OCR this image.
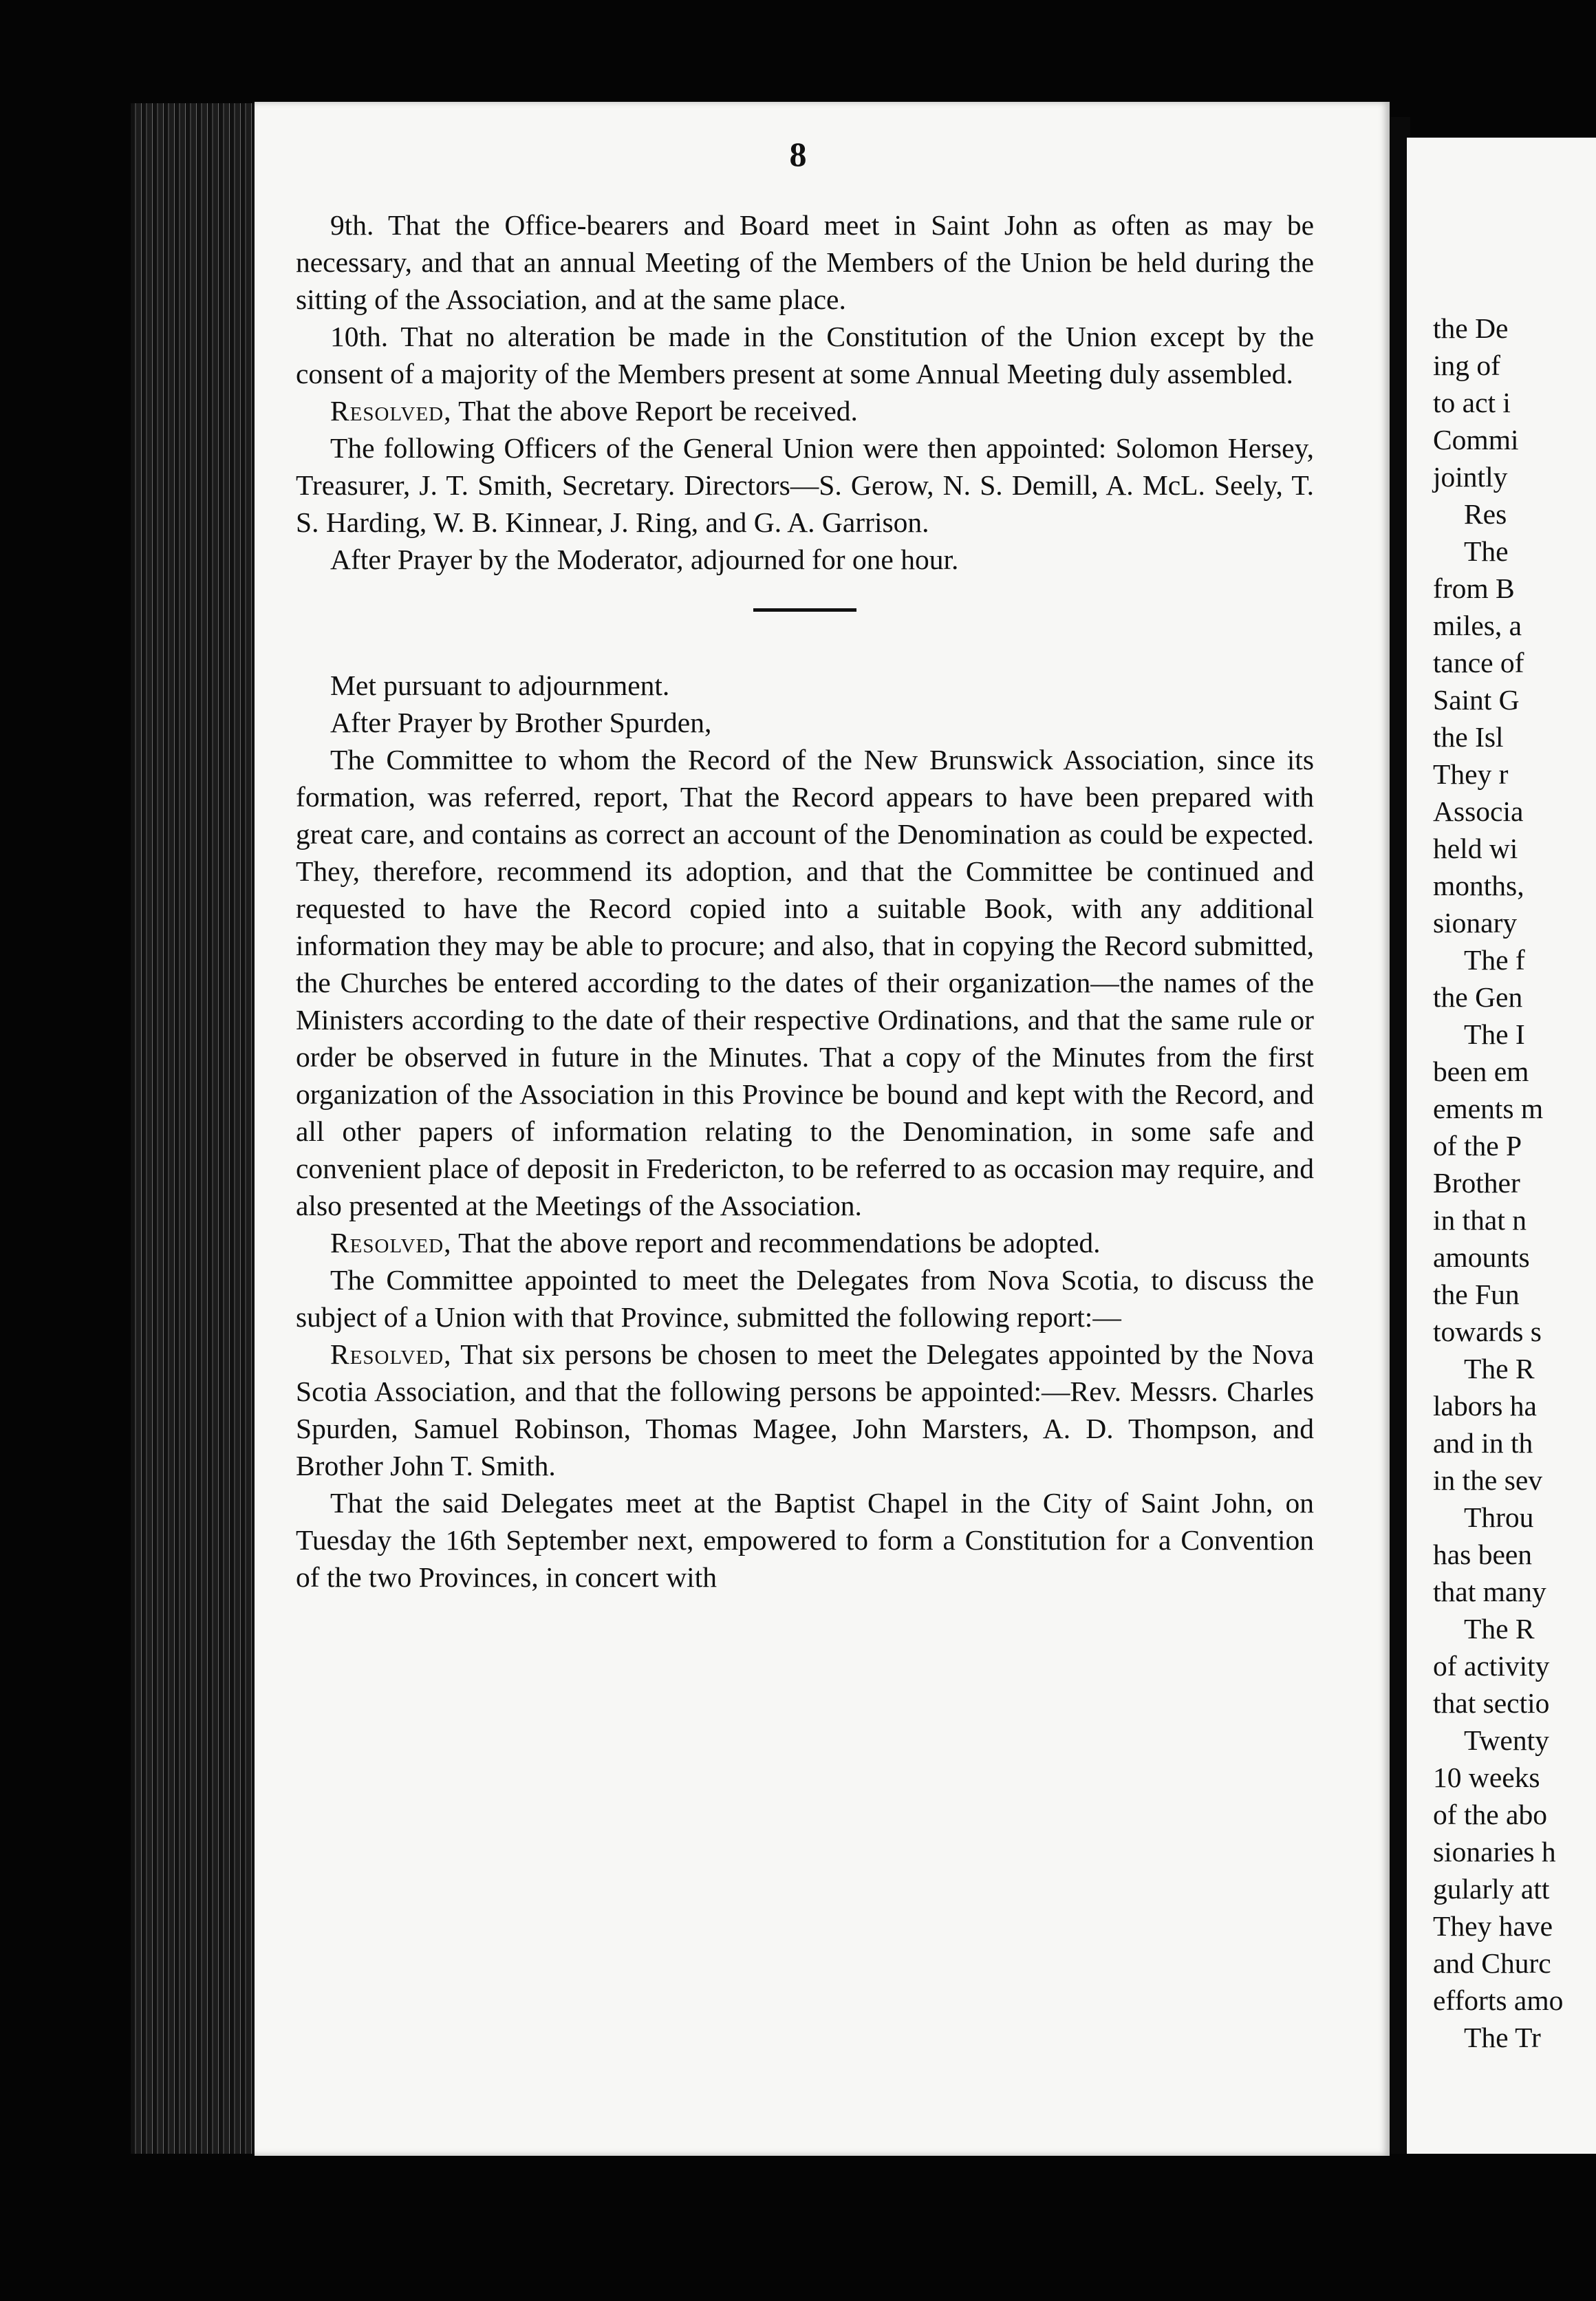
the De
ing of
to act i
Commi
jointly
Res
The
from B
miles, a
tance of
Saint G
the Isl
They r
Associa
held wi
months,
sionary
The f
the Gen
The I
been em
ements m
of the P
Brother
in that n
amounts
the Fun
towards s
The R
labors ha
and in th
in the sev
Throu
has been
that many
The R
of activity
that sectio
Twenty
10 weeks
of the abo
sionaries h
gularly att
They have
and Churc
efforts amo
The Tr
8

9th. That the Office-bearers and Board meet in Saint John as often as may be necessary, and that an annual Meeting of the Members of the Union be held during the sitting of the Association, and at the same place.

10th. That no alteration be made in the Constitution of the Union except by the consent of a majority of the Members present at some Annual Meeting duly assembled.

Resolved, That the above Report be received.

The following Officers of the General Union were then appointed: Solomon Hersey, Treasurer, J. T. Smith, Secretary. Directors—S. Gerow, N. S. Demill, A. McL. Seely, T. S. Harding, W. B. Kinnear, J. Ring, and G. A. Garrison.

After Prayer by the Moderator, adjourned for one hour.

Met pursuant to adjournment.

After Prayer by Brother Spurden,

The Committee to whom the Record of the New Brunswick Association, since its formation, was referred, report, That the Record appears to have been prepared with great care, and contains as correct an account of the Denomination as could be expected. They, therefore, recommend its adoption, and that the Committee be continued and requested to have the Record copied into a suitable Book, with any additional information they may be able to procure; and also, that in copying the Record submitted, the Churches be entered according to the dates of their organization—the names of the Ministers according to the date of their respective Ordinations, and that the same rule or order be observed in future in the Minutes. That a copy of the Minutes from the first organization of the Association in this Province be bound and kept with the Record, and all other papers of information relating to the Denomination, in some safe and convenient place of deposit in Fredericton, to be referred to as occasion may require, and also presented at the Meetings of the Association.

Resolved, That the above report and recommendations be adopted.

The Committee appointed to meet the Delegates from Nova Scotia, to discuss the subject of a Union with that Province, submitted the following report:—

Resolved, That six persons be chosen to meet the Delegates appointed by the Nova Scotia Association, and that the following persons be appointed:—Rev. Messrs. Charles Spurden, Samuel Robinson, Thomas Magee, John Marsters, A. D. Thompson, and Brother John T. Smith.

That the said Delegates meet at the Baptist Chapel in the City of Saint John, on Tuesday the 16th September next, empowered to form a Constitution for a Convention of the two Provinces, in concert with
